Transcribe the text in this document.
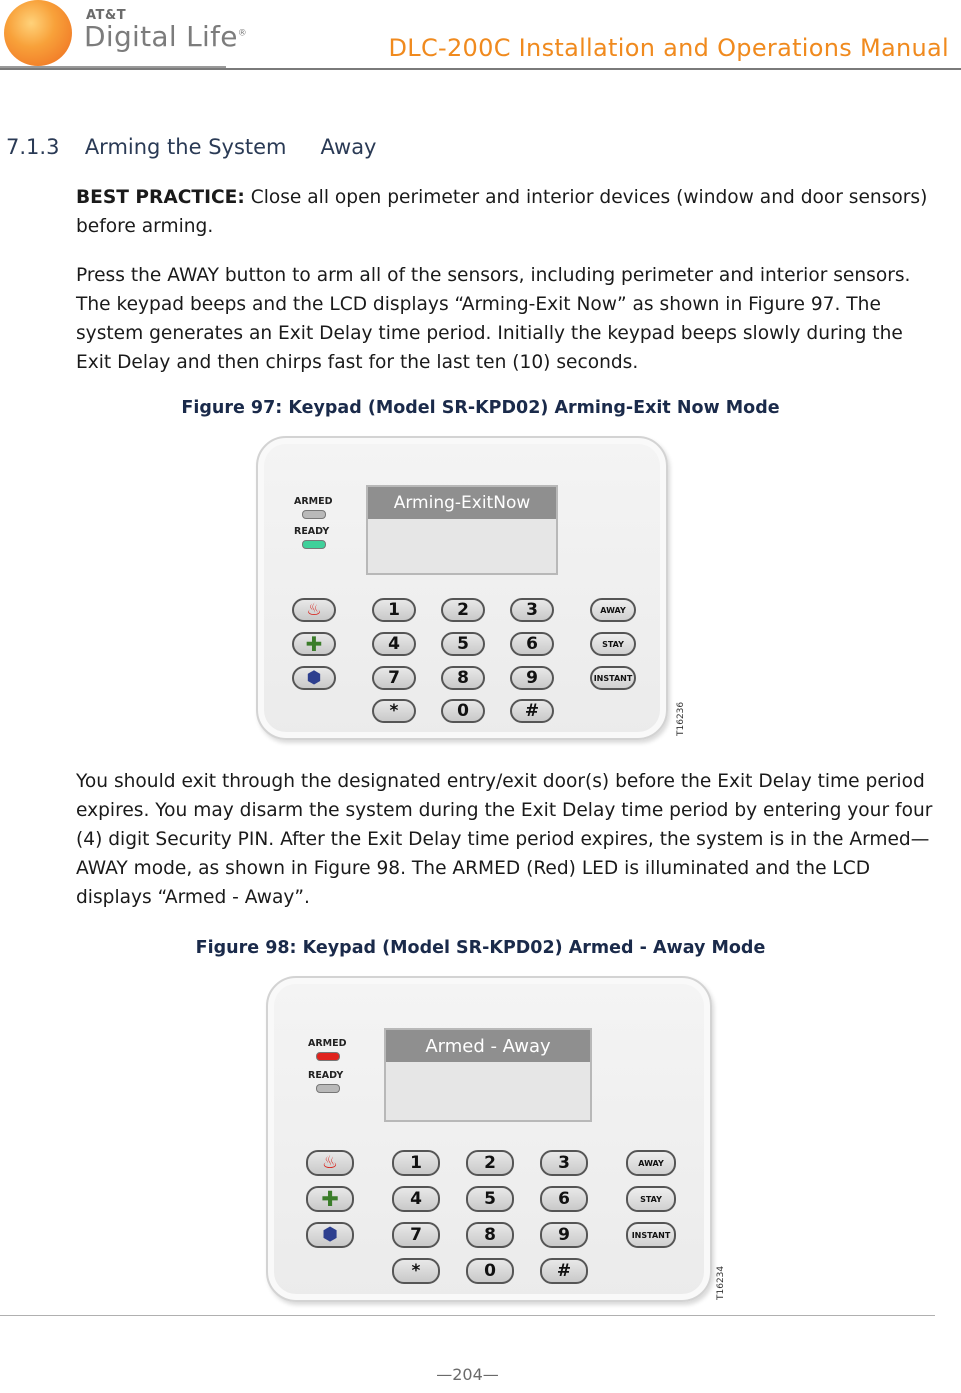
AT&T
Digital Life®
DLC-200C Installation and Operations Manual
7.1.3 Arming the System Away
BEST PRACTICE: Close all open perimeter and interior devices (window and door sensors) before arming.
Press the AWAY button to arm all of the sensors, including perimeter and interior sensors. The keypad beeps and the LCD displays “Arming-Exit Now” as shown in Figure 97. The system generates an Exit Delay time period. Initially the keypad beeps slowly during the Exit Delay and then chirps fast for the last ten (10) seconds.
Figure 97: Keypad (Model SR-KPD02) Arming-Exit Now Mode
ARMED
READY
Arming-ExitNow
♨
✚
⬢
1	2	3
4	5	6
7	8	9
*	0	#
AWAY
STAY
INSTANT
T16236
You should exit through the designated entry/exit door(s) before the Exit Delay time period expires. You may disarm the system during the Exit Delay time period by entering your four (4) digit Security PIN. After the Exit Delay time period expires, the system is in the Armed—AWAY mode, as shown in Figure 98. The ARMED (Red) LED is illuminated and the LCD displays “Armed - Away”.
Figure 98: Keypad (Model SR-KPD02) Armed - Away Mode
ARMED
READY
Armed - Away
♨
✚
⬢
1	2	3
4	5	6
7	8	9
*	0	#
AWAY
STAY
INSTANT
T16234
—204—
